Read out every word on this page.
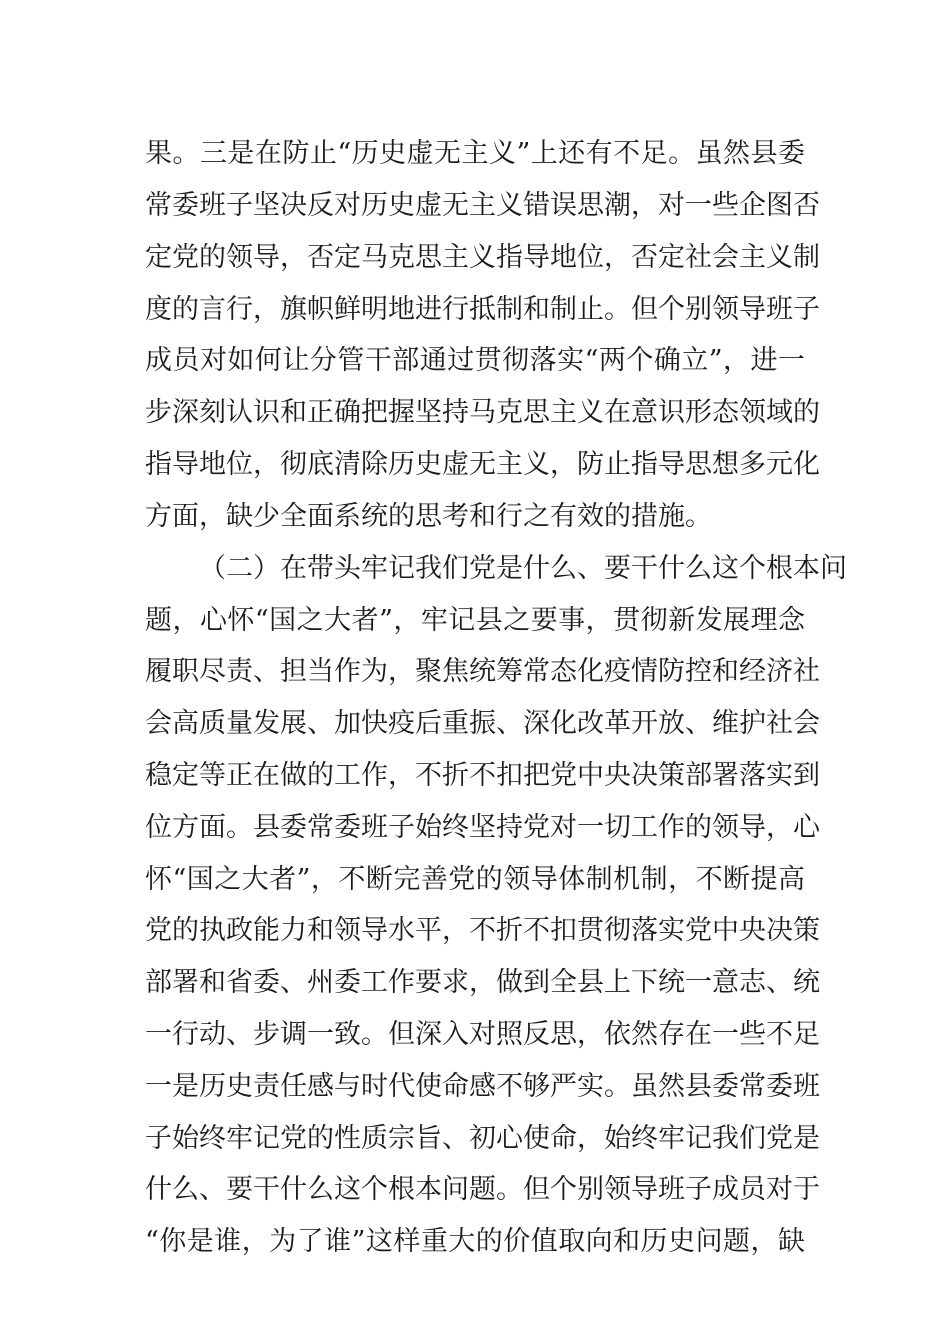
果。三是在防止“历史虚无主义”上还有不足。虽然县委
常委班子坚决反对历史虚无主义错误思潮，对一些企图否
定党的领导，否定马克思主义指导地位，否定社会主义制
度的言行，旗帜鲜明地进行抵制和制止。但个别领导班子
成员对如何让分管干部通过贯彻落实“两个确立”，进一
步深刻认识和正确把握坚持马克思主义在意识形态领域的
指导地位，彻底清除历史虚无主义，防止指导思想多元化
方面，缺少全面系统的思考和行之有效的措施。
（二）在带头牢记我们党是什么、要干什么这个根本问
题，心怀“国之大者”，牢记县之要事，贯彻新发展理念
履职尽责、担当作为，聚焦统筹常态化疫情防控和经济社
会高质量发展、加快疫后重振、深化改革开放、维护社会
稳定等正在做的工作，不折不扣把党中央决策部署落实到
位方面。县委常委班子始终坚持党对一切工作的领导，心
怀“国之大者”，不断完善党的领导体制机制，不断提高
党的执政能力和领导水平，不折不扣贯彻落实党中央决策
部署和省委、州委工作要求，做到全县上下统一意志、统
一行动、步调一致。但深入对照反思，依然存在一些不足
一是历史责任感与时代使命感不够严实。虽然县委常委班
子始终牢记党的性质宗旨、初心使命，始终牢记我们党是
什么、要干什么这个根本问题。但个别领导班子成员对于
“你是谁，为了谁”这样重大的价值取向和历史问题，缺
